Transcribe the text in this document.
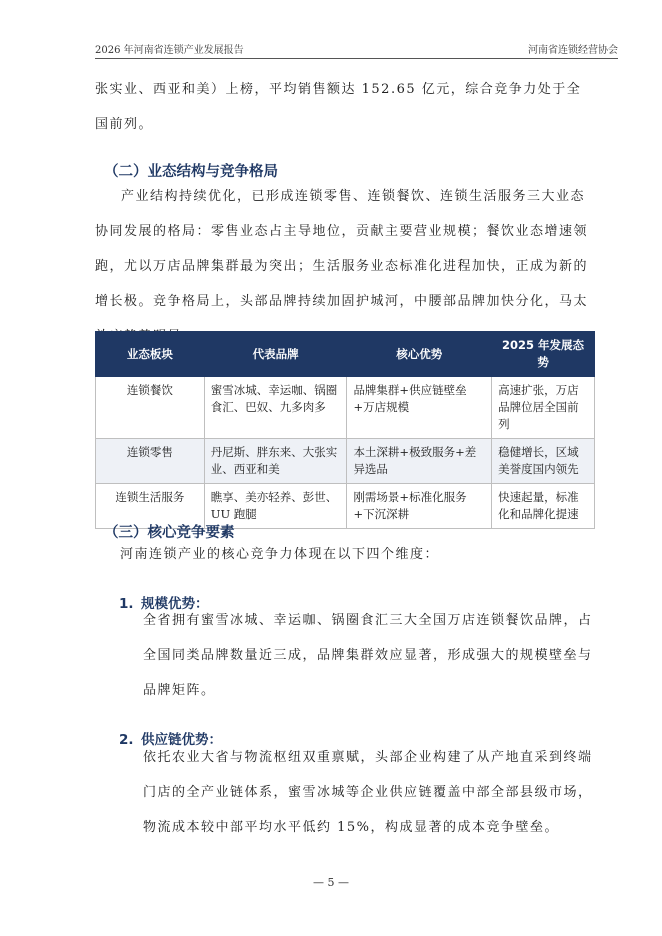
2026 年河南省连锁产业发展报告	河南省连锁经营协会

张实业、西亚和美）上榜，平均销售额达 152.65 亿元，综合竞争力处于全国前列。

（二）业态结构与竞争格局

产业结构持续优化，已形成连锁零售、连锁餐饮、连锁生活服务三大业态协同发展的格局：零售业态占主导地位，贡献主要营业规模；餐饮业态增速领跑，尤以万店品牌集群最为突出；生活服务业态标准化进程加快，正成为新的增长极。竞争格局上，头部品牌持续加固护城河，中腰部品牌加快分化，马太

业态板块	代表品牌	核心优势	2025 年发展态势
连锁餐饮	蜜雪冰城、幸运咖、锅圈食汇、巴奴、九多肉多	品牌集群+供应链壁垒+万店规模	高速扩张，万店品牌位居全国前列
连锁零售	丹尼斯、胖东来、大张实业、西亚和美	本土深耕+极致服务+差异选品	稳健增长，区域美誉度国内领先
连锁生活服务	瞧享、美亦轻养、彭世、UU 跑腿	刚需场景+标准化服务+下沉深耕	快速起量，标准化和品牌化提速
（三）核心竞争要素

河南连锁产业的核心竞争力体现在以下四个维度：

1. 规模优势：

全省拥有蜜雪冰城、幸运咖、锅圈食汇三大全国万店连锁餐饮品牌，占全国同类品牌数量近三成，品牌集群效应显著，形成强大的规模壁垒与品牌矩阵。

2. 供应链优势：

依托农业大省与物流枢纽双重禀赋，头部企业构建了从产地直采到终端门店的全产业链体系，蜜雪冰城等企业供应链覆盖中部全部县级市场，物流成本较中部平均水平低约 15%，构成显著的成本竞争壁垒。

— 5 —
